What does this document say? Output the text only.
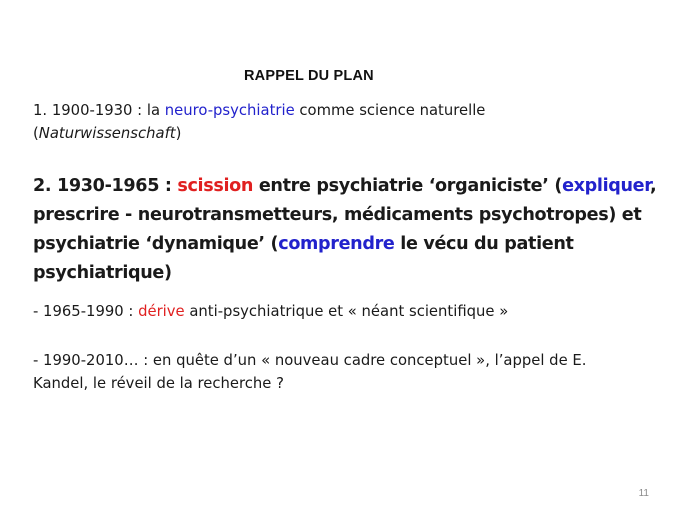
RAPPEL DU PLAN
1. 1900-1930 : la neuro-psychiatrie comme science naturelle
(Naturwissenschaft)
2. 1930-1965 : scission entre psychiatrie ‘organiciste’ (expliquer,
prescrire - neurotransmetteurs, médicaments psychotropes) et
psychiatrie ‘dynamique’ (comprendre le vécu du patient
psychiatrique)
- 1965-1990 : dérive anti-psychiatrique et « néant scientifique »
- 1990-2010… : en quête d’un « nouveau cadre conceptuel », l’appel de E.
Kandel, le réveil de la recherche ?
11
